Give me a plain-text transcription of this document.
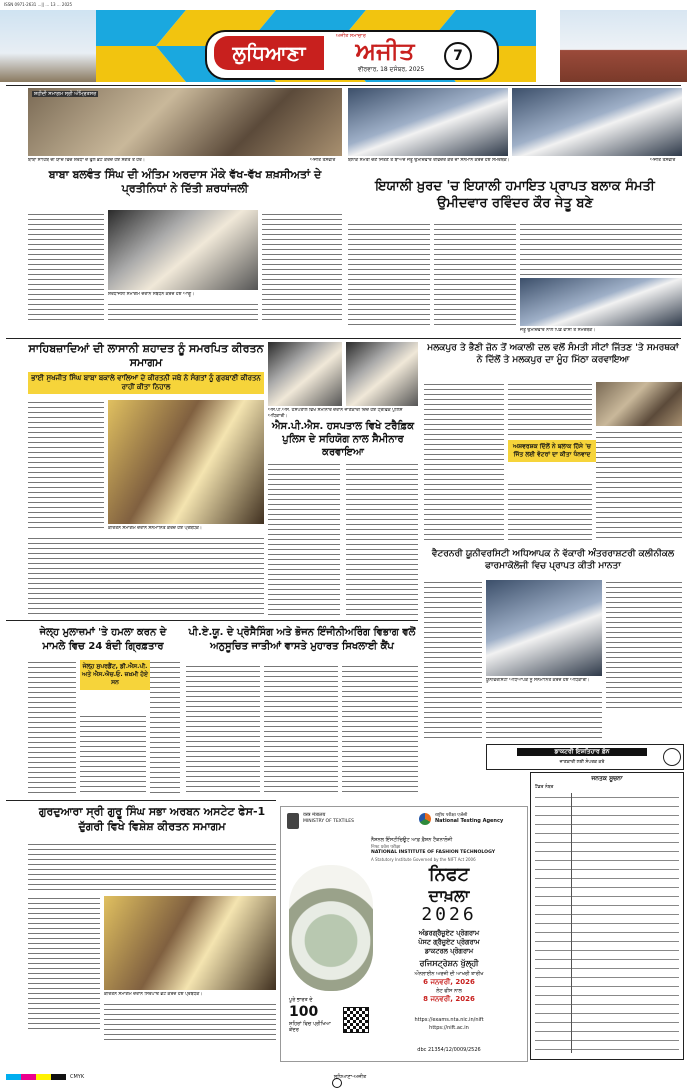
ISSN 0971-2631 ...|| ... 13 ... 2025
ਲੁਧਿਆਣਾ
ਅਜੀਤ ਸਮਾਚਾਰ
ਅਜੀਤ
ਵੀਰਵਾਰ, 18 ਦਸੰਬਰ, 2025
7
ਸ਼ਹੀਦੀ ਸਮਾਗਮ ਸ੍ਰੀ ਅੰਮ੍ਰਿਤਸਰ
ਬਾਬਾ ਸਾਹਿਬ ਦੀ ਯਾਦ ਵਿਚ ਸ਼ਰਧਾ ਦੇ ਫੁੱਲ ਭੇਟ ਕਰਦੇ ਹੋਏ ਸੰਗਤ ਤੇ ਹੋਰ।	ਅਜੀਤ ਤਸਵੀਰ
ਬਾਬਾ ਬਲਵੰਤ ਸਿੰਘ ਦੀ ਅੰਤਿਮ ਅਰਦਾਸ ਮੌਕੇ ਵੱਖ-ਵੱਖ ਸ਼ਖ਼ਸੀਅਤਾਂ ਦੇ ਪ੍ਰਤੀਨਿਧਾਂ ਨੇ ਦਿੱਤੀ ਸ਼ਰਧਾਂਜਲੀ
ਸ਼ਰਧਾਂਜਲੀ ਸਮਾਗਮ ਦੌਰਾਨ ਸੰਬੋਧਨ ਕਰਦੇ ਹੋਏ ਆਗੂ।
ਬਲਾਕ ਸੰਮਤੀ ਚੋਣ ਜਿੱਤਣ ਤੋਂ ਬਾਅਦ ਜੇਤੂ ਉਮੀਦਵਾਰ ਰਵਿੰਦਰ ਕੌਰ ਦਾ ਸਨਮਾਨ ਕਰਦੇ ਹੋਏ ਸਮਰਥਕ।	ਅਜੀਤ ਤਸਵੀਰ
ਇਯਾਲੀ ਖ਼ੁਰਦ 'ਚ ਇਯਾਲੀ ਹਮਾਇਤ ਪ੍ਰਾਪਤ ਬਲਾਕ ਸੰਮਤੀ ਉਮੀਦਵਾਰ ਰਵਿੰਦਰ ਕੌਰ ਜੇਤੂ ਬਣੇ
ਜੇਤੂ ਉਮੀਦਵਾਰ ਨਾਲ ਪਿੰਡ ਵਾਸੀ ਤੇ ਸਮਰਥਕ।
ਸਾਹਿਬਜ਼ਾਦਿਆਂ ਦੀ ਲਾਸਾਨੀ ਸ਼ਹਾਦਤ ਨੂੰ ਸਮਰਪਿਤ ਕੀਰਤਨ ਸਮਾਗਮ
ਭਾਈ ਸੁਖਜੀਤ ਸਿੰਘ ਬਾਬਾ ਬਕਾਲੇ ਵਾਲਿਆਂ ਦੇ ਕੀਰਤਨੀ ਜਥੇ ਨੇ ਸੰਗਤਾਂ ਨੂੰ ਗੁਰਬਾਣੀ ਕੀਰਤਨ ਰਾਹੀਂ ਕੀਤਾ ਨਿਹਾਲ
ਕੀਰਤਨ ਸਮਾਗਮ ਦੌਰਾਨ ਸਨਮਾਨਿਤ ਕਰਦੇ ਹੋਏ ਪ੍ਰਬੰਧਕ।
ਐਸ.ਪੀ.ਐਸ. ਹਸਪਤਾਲ ਵਿਖੇ ਸੈਮੀਨਾਰ ਦੌਰਾਨ ਜਾਣਕਾਰੀ ਦਿੰਦੇ ਹੋਏ ਟ੍ਰੈਫਿਕ ਪੁਲਿਸ ਅਧਿਕਾਰੀ।
ਐਸ.ਪੀ.ਐਸ. ਹਸਪਤਾਲ ਵਿਖੇ ਟਰੈਫ਼ਿਕ ਪੁਲਿਸ ਦੇ ਸਹਿਯੋਗ ਨਾਲ ਸੈਮੀਨਾਰ ਕਰਵਾਇਆ
ਮਲਕਪੁਰ ਤੇ ਭੈਣੀ ਜ਼ੋਨ ਤੋਂ ਅਕਾਲੀ ਦਲ ਵਲੋਂ ਸੰਮਤੀ ਸੀਟਾਂ ਜਿੱਤਣ 'ਤੇ ਸਮਰਥਕਾਂ ਨੇ ਦਿੱਲੋਂ ਤੇ ਮਲਕਪੁਰ ਦਾ ਮੂੰਹ ਮਿੱਠਾ ਕਰਵਾਇਆ
ਅਸ਼ਵਰਸ਼ਕ ਦਿੱਲੋਂ ਨੇ ਬਲਾਕ ਹਿੱਸੇ 'ਚ ਜਿੱਤ ਲਈ ਵੋਟਰਾਂ ਦਾ ਕੀਤਾ ਧੰਨਵਾਦ
ਵੈਟਰਨਰੀ ਯੂਨੀਵਰਸਿਟੀ ਅਧਿਆਪਕ ਨੇ ਵੱਕਾਰੀ ਅੰਤਰਰਾਸ਼ਟਰੀ ਕਲੀਨੀਕਲ ਫਾਰਮਾਕੋਲੋਜੀ ਵਿਚ ਪ੍ਰਾਪਤ ਕੀਤੀ ਮਾਨਤਾ
ਯੂਨੀਵਰਸਿਟੀ ਅਧਿਆਪਕ ਨੂੰ ਸਨਮਾਨਿਤ ਕਰਦੇ ਹੋਏ ਅਧਿਕਾਰੀ।
ਡਾਕਟਰੀ ਇਸ਼ਤਿਹਾਰ ਫ਼ੋਨ
ਜਾਣਕਾਰੀ ਲਈ ਸੰਪਰਕ ਕਰੋ
ਜੇਲ੍ਹ ਮੁਲਾਜ਼ਮਾਂ 'ਤੇ ਹਮਲਾ ਕਰਨ ਦੇ ਮਾਮਲੇ ਵਿਚ 24 ਬੰਦੀ ਗ੍ਰਿਫ਼ਤਾਰ
ਜੇਲ੍ਹ ਸੁਪਰਡੈਂਟ, ਡੀ.ਐਸ.ਪੀ. ਅਤੇ ਐਸ.ਐਚ.ਓ. ਜ਼ਖ਼ਮੀ ਹੋਏ ਸਨ
ਪੀ.ਏ.ਯੂ. ਦੇ ਪ੍ਰੋਸੈਸਿੰਗ ਅਤੇ ਭੋਜਨ ਇੰਜੀਨੀਅਰਿੰਗ ਵਿਭਾਗ ਵਲੋਂ ਅਨੁਸੂਚਿਤ ਜਾਤੀਆਂ ਵਾਸਤੇ ਮੁਹਾਰਤ ਸਿਖਲਾਈ ਕੈਂਪ
ਗੁਰਦੁਆਰਾ ਸ੍ਰੀ ਗੁਰੂ ਸਿੰਘ ਸਭਾ ਅਰਬਨ ਅਸਟੇਟ ਫੇਸ-1 ਦੁੱਗਰੀ ਵਿਖੇ ਵਿਸ਼ੇਸ਼ ਕੀਰਤਨ ਸਮਾਗਮ
ਕੀਰਤਨ ਸਮਾਗਮ ਦੌਰਾਨ ਸਿਰੋਪਾਓ ਭੇਟ ਕਰਦੇ ਹੋਏ ਪ੍ਰਬੰਧਕ।
वस्त्र मंत्रालय
MINISTRY OF TEXTILES
राष्ट्रीय परीक्षा एजेंसी
National Testing Agency
ਨੈਸ਼ਨਲ ਇੰਸਟੀਚਿਊਟ ਆਫ਼ ਫ਼ੈਸ਼ਨ ਟੈਕਨਾਲੋਜੀ
निफ्ट प्रवेश परीक्षा
NATIONAL INSTITUTE OF FASHION TECHNOLOGY
A Statutory Institute Governed by the NIFT Act 2006
ਨਿਫਟ
ਦਾਖ਼ਲਾ
2026
ਅੰਡਰਗ੍ਰੈਜੂਏਟ ਪ੍ਰੋਗਰਾਮ
ਪੋਸਟ ਗ੍ਰੈਜੂਏਟ ਪ੍ਰੋਗਰਾਮ
ਡਾਕਟਰਲ ਪ੍ਰੋਗਰਾਮ
ਰਜਿਸਟ੍ਰੇਸ਼ਨ ਖੁੱਲ੍ਹੀ
ਔਨਲਾਈਨ ਅਰਜ਼ੀ ਦੀ ਆਖਰੀ ਤਾਰੀਖ
6 ਜਨਵਰੀ, 2026
ਲੇਟ ਫੀਸ ਨਾਲ
8 ਜਨਵਰੀ, 2026
ਪੂਰੇ ਭਾਰਤ ਦੇ
100
ਸ਼ਹਿਰਾਂ ਵਿਚ ਪ੍ਰੀਖਿਆ ਕੇਂਦਰ
https://exams.nta.nic.in/nift
https://nift.ac.in
dbc 21354/12/0009/2526
ਜਨਤਕ ਸੂਚਨਾ
ਟੈਂਡਰ ਨੰਬਰ
CMYK	ਲੁਧਿਆਣਾ-ਅਜੀਤ
